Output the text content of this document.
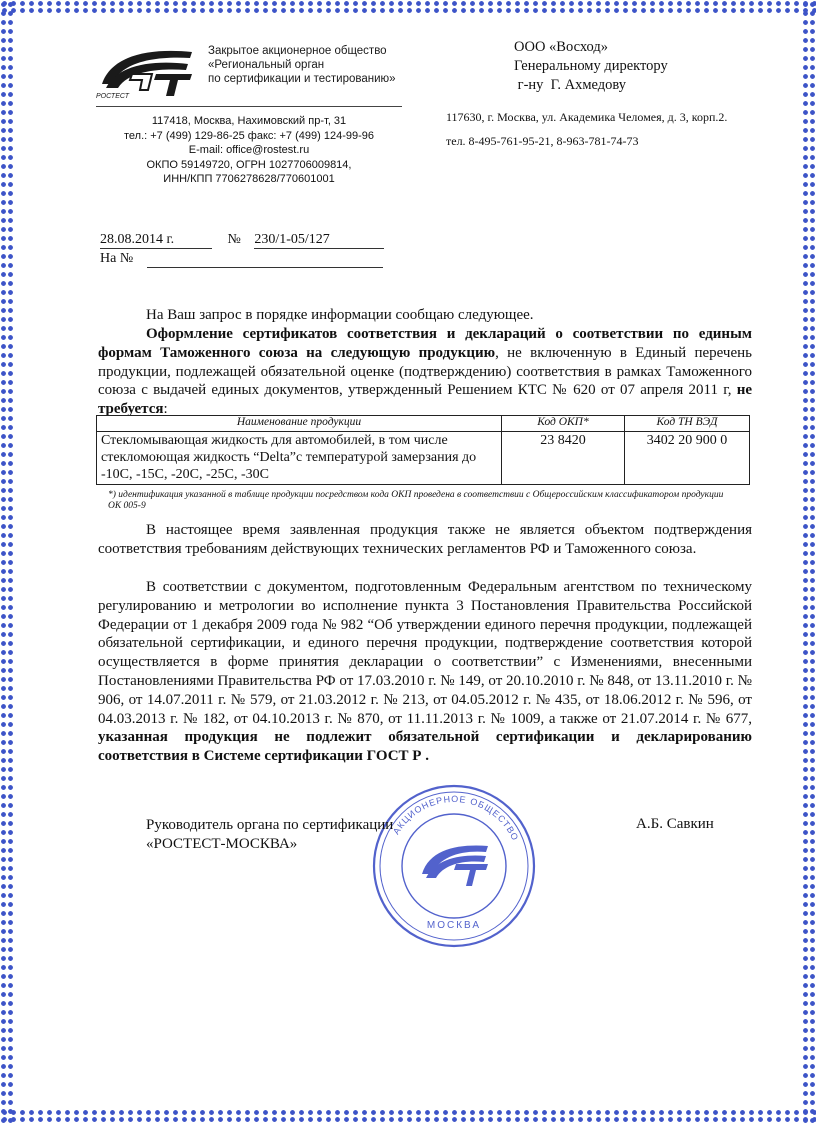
РОСТЕСТ
Закрытое акционерное общество
«Региональный орган
по сертификации и тестированию»
117418, Москва, Нахимовский пр-т, 31
тел.: +7 (499) 129-86-25 факс: +7 (499) 124-99-96
E-mail: office@rostest.ru
ОКПО 59149720, ОГРН 1027706009814,
ИНН/КПП 7706278628/770601001
ООО «Восход»
Генеральному директору
г-ну  Г. Ахмедову
117630, г. Москва, ул. Академика Челомея, д. 3, корп.2.
тел. 8-495-761-95-21, 8-963-781-74-73
28.08.2014 г.	№ 230/1-05/127
На №
На Ваш запрос в порядке информации сообщаю следующее.
Оформление сертификатов соответствия и деклараций о соответствии по единым формам Таможенного союза на следующую продукцию, не включенную в Единый перечень продукции, подлежащей обязательной оценке (подтверждению) соответствия в рамках Таможенного союза с выдачей единых документов, утвержденный Решением КТС № 620 от 07 апреля 2011 г, не требуется:
Наименование продукции	Код ОКП*	Код ТН ВЭД
Стекломывающая жидкость для автомобилей, в том числе стекломоющая жидкость “Delta”с температурой замерзания до -10С, -15С, -20С, -25С, -30С	23 8420	3402 20 900 0
*) идентификация указанной в таблице продукции посредством кода ОКП проведена в соответствии с Общероссийским классификатором продукции ОК 005-9
В настоящее время заявленная продукция также не является объектом подтверждения соответствия требованиям действующих технических регламентов РФ и Таможенного союза.
В соответствии с документом, подготовленным Федеральным агентством по техническому регулированию и метрологии во исполнение пункта 3 Постановления Правительства Российской Федерации от 1 декабря 2009 года № 982 “Об утверждении единого перечня продукции, подлежащей обязательной сертификации, и единого перечня продукции, подтверждение соответствия которой осуществляется в форме принятия декларации о соответствии” с Изменениями, внесенными Постановлениями Правительства РФ от 17.03.2010 г. № 149, от 20.10.2010 г. № 848, от 13.11.2010 г. № 906, от 14.07.2011 г. № 579, от 21.03.2012 г. № 213, от 04.05.2012 г. № 435, от 18.06.2012 г. № 596, от 04.03.2013 г. № 182, от 04.10.2013 г. № 870, от 11.11.2013 г. № 1009, а также от 21.07.2014 г. № 677, указанная продукция не подлежит обязательной сертификации и декларированию соответствия в Системе сертификации ГОСТ Р .
АКЦИОНЕРНОЕ ОБЩЕСТВО
МОСКВА
Руководитель органа по сертификации
«РОСТЕСТ-МОСКВА»
А.Б. Савкин
